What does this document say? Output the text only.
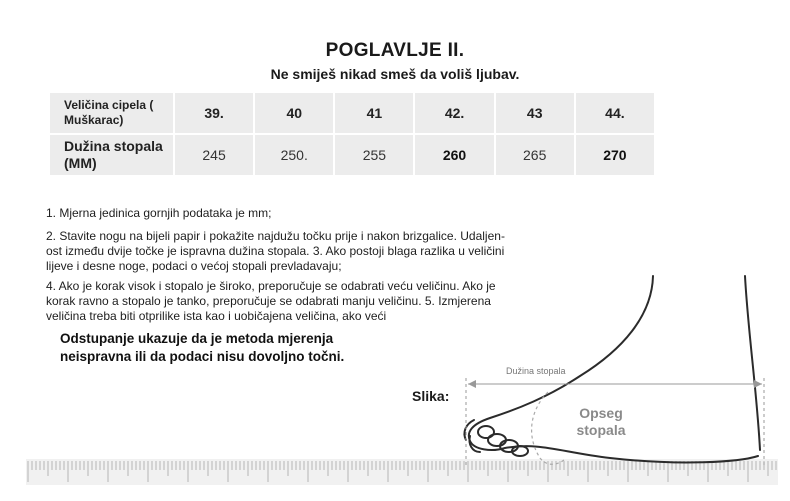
POGLAVLJE II.
Ne smiješ nikad smeš da voliš ljubav.
Veličina cipela ( Muškarac)	39.	40	41	42.	43	44.
Dužina stopala (MM)	245	250.	255	260	265	270
1. Mjerna jedinica gornjih podataka je mm;
2. Stavite nogu na bijeli papir i pokažite najdužu točku prije i nakon brizgalice. Udaljen-
ost između dvije točke je ispravna dužina stopala. 3. Ako postoji blaga razlika u veličini
lijeve i desne noge, podaci o većoj stopali prevladavaju;
4. Ako je korak visok i stopalo je široko, preporučuje se odabrati veću veličinu. Ako je
korak ravno a stopalo je tanko, preporučuje se odabrati manju veličinu. 5. Izmjerena
veličina treba biti otprilike ista kao i uobičajena veličina, ako veći
Odstupanje ukazuje da je metoda mjerenja
neispravna ili da podaci nisu dovoljno točni.
Dužina stopala
Opseg
stopala
Slika:
